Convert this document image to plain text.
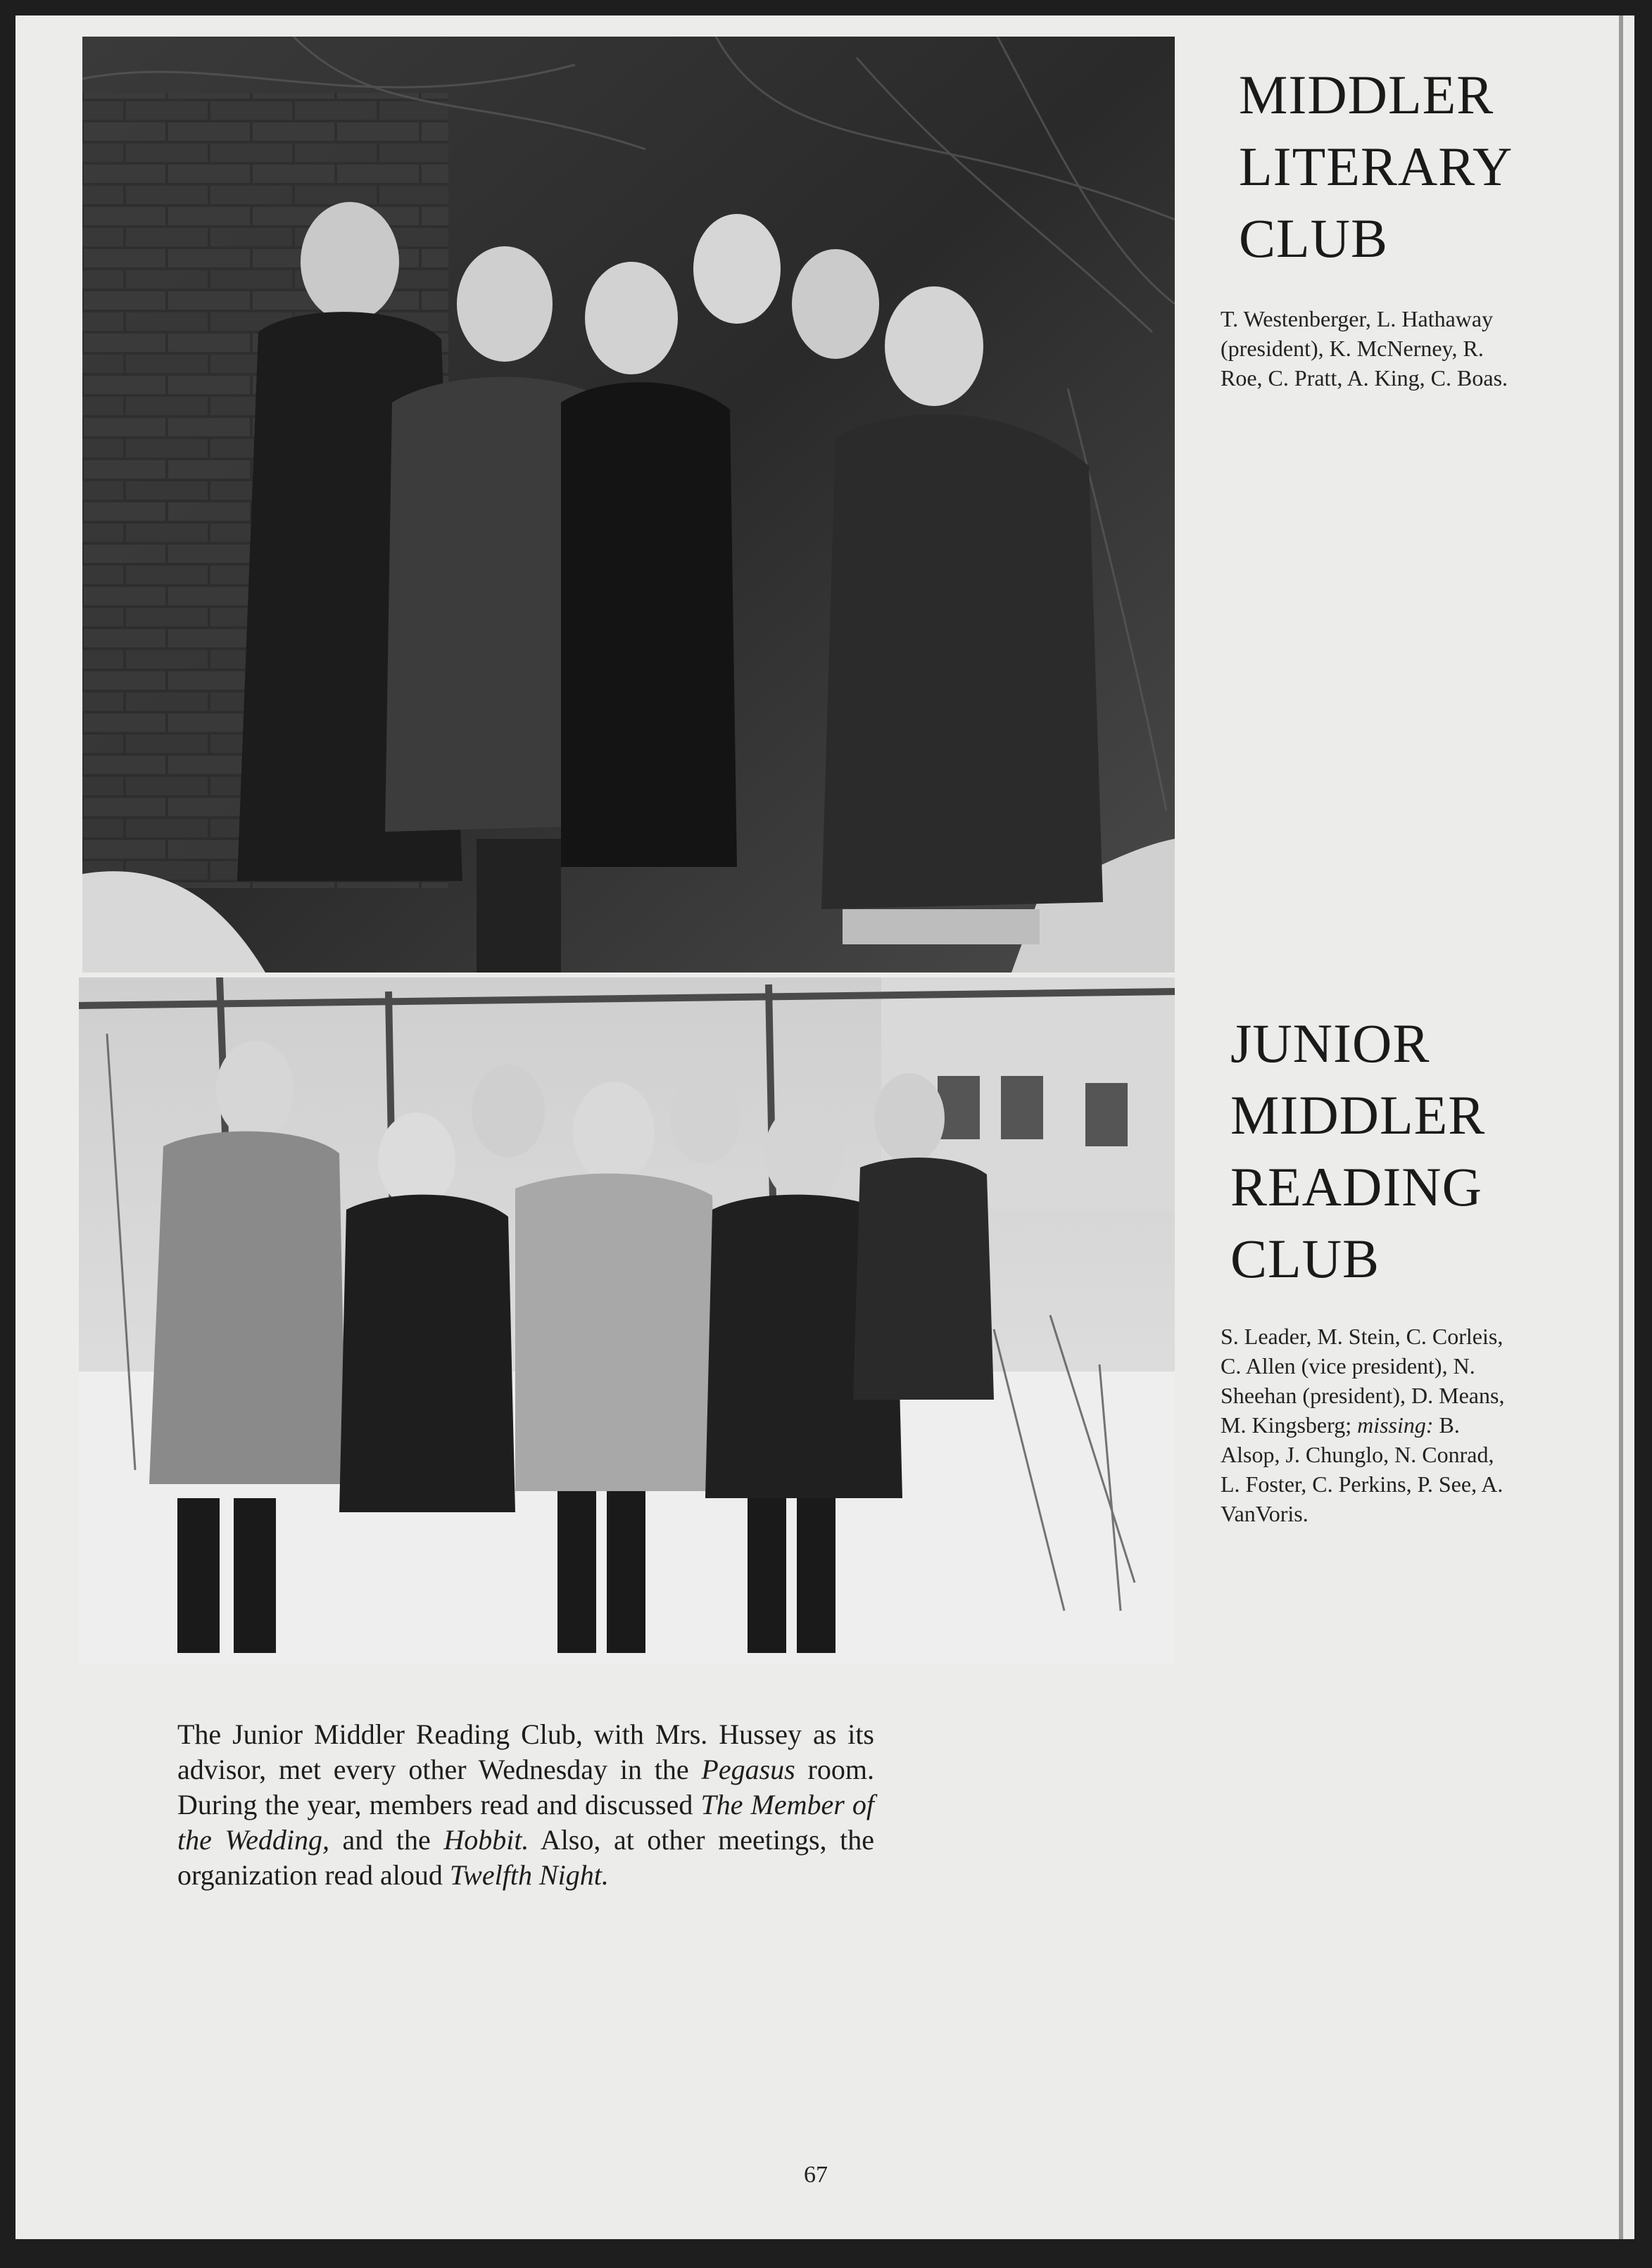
MIDDLER
LITERARY
CLUB

T. Westenberger, L. Hathaway (president), K. McNerney, R. Roe, C. Pratt, A. King, C. Boas.

JUNIOR
MIDDLER
READING
CLUB

S. Leader, M. Stein, C. Corleis, C. Allen (vice president), N. Sheehan (president), D. Means, M. Kingsberg; missing: B. Alsop, J. Chunglo, N. Conrad, L. Foster, C. Perkins, P. See, A. VanVoris.

The Junior Middler Reading Club, with Mrs. Hussey as its advisor, met every other Wednesday in the Pegasus room. During the year, members read and discussed The Member of the Wedding, and the Hobbit. Also, at other meetings, the organization read aloud Twelfth Night.

67
